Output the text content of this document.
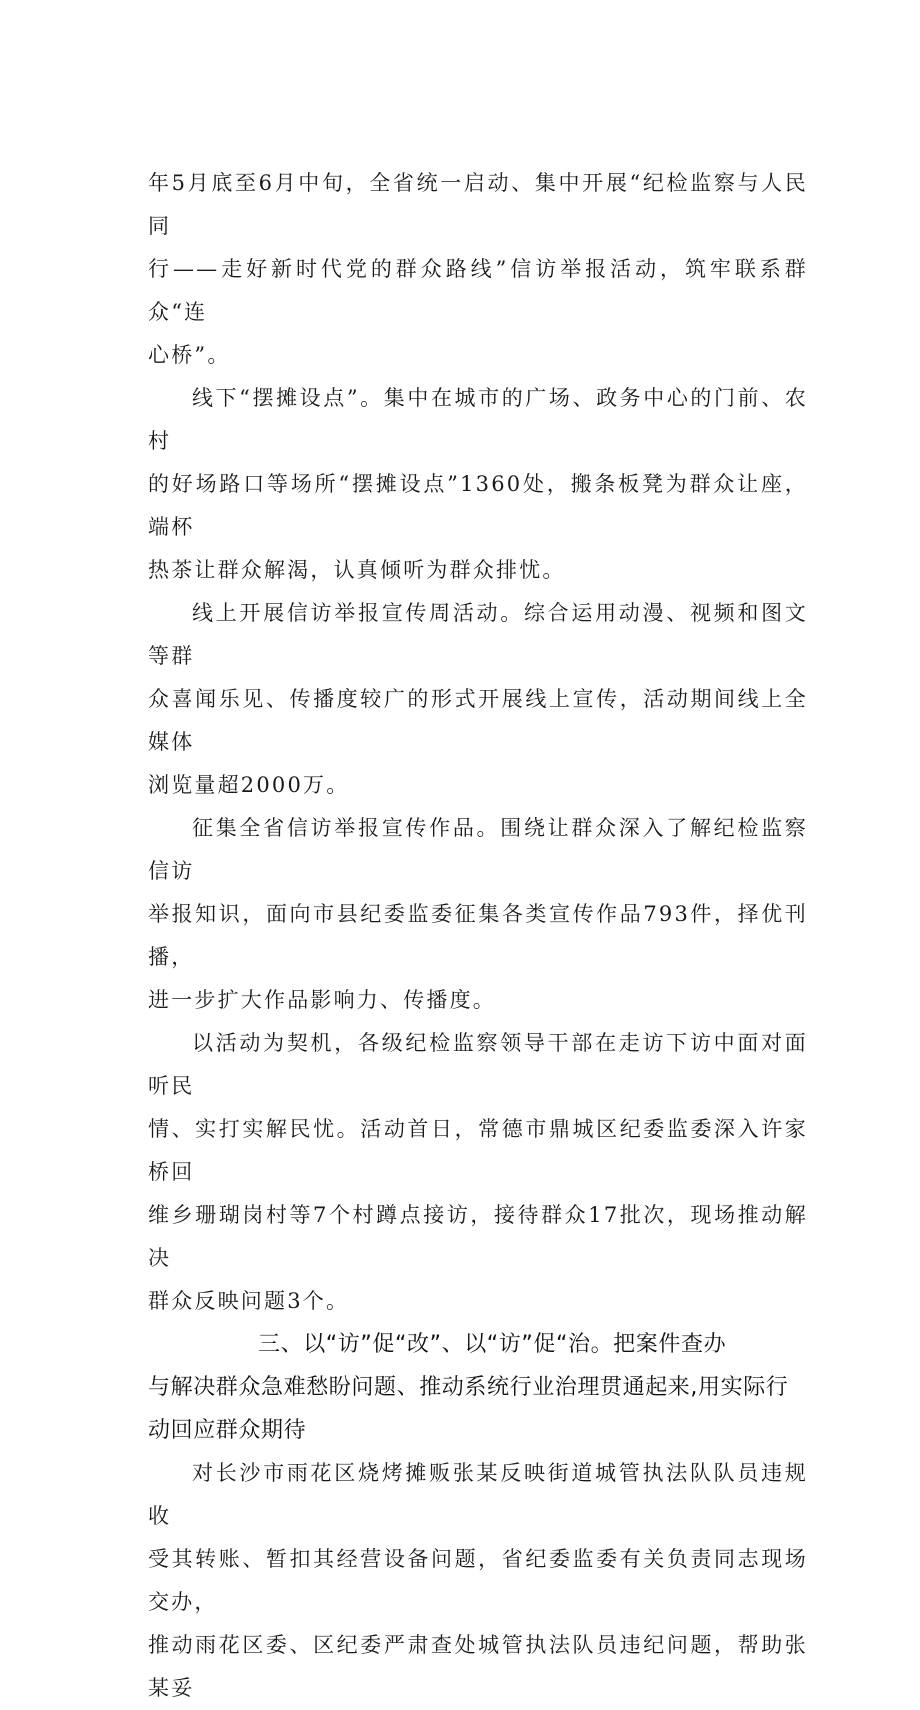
年5月底至6月中旬，全省统一启动、集中开展“纪检监察与人民同
行——走好新时代党的群众路线”信访举报活动，筑牢联系群众“连
心桥”。

线下“摆摊设点”。集中在城市的广场、政务中心的门前、农村
的好场路口等场所“摆摊设点”1360处，搬条板凳为群众让座，端杯
热茶让群众解渴，认真倾听为群众排忧。

线上开展信访举报宣传周活动。综合运用动漫、视频和图文等群
众喜闻乐见、传播度较广的形式开展线上宣传，活动期间线上全媒体
浏览量超2000万。

征集全省信访举报宣传作品。围绕让群众深入了解纪检监察信访
举报知识，面向市县纪委监委征集各类宣传作品793件，择优刊播，
进一步扩大作品影响力、传播度。

以活动为契机，各级纪检监察领导干部在走访下访中面对面听民
情、实打实解民忧。活动首日，常德市鼎城区纪委监委深入许家桥回
维乡珊瑚岗村等7个村蹲点接访，接待群众17批次，现场推动解决
群众反映问题3个。

三、以“访”促“改”、以“访”促“治。把案件查办
与解决群众急难愁盼问题、推动系统行业治理贯通起来,用实际行
动回应群众期待

对长沙市雨花区烧烤摊贩张某反映街道城管执法队队员违规收
受其转账、暂扣其经营设备问题，省纪委监委有关负责同志现场交办，
推动雨花区委、区纪委严肃查处城管执法队员违纪问题，帮助张某妥
